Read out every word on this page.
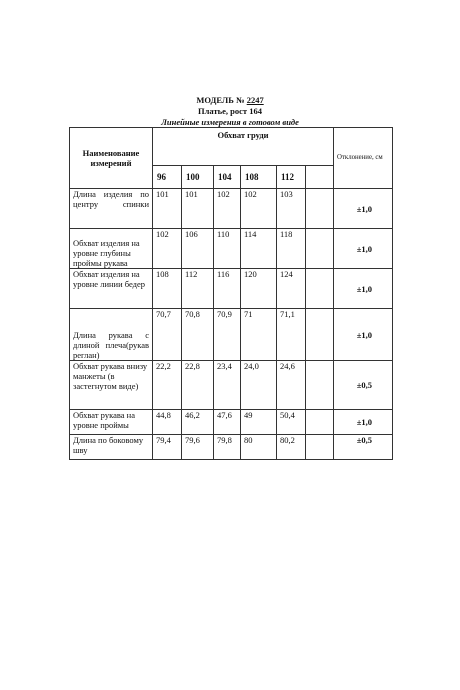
МОДЕЛЬ № 2247
Платье, рост 164
Линейные измерения в готовом виде
Наименование измерений	Обхват груди						Отклонение, см
	96	100	104	108	112		
Длина изделия по центру спинки	101	101	102	102	103		±1,0
Обхват изделия на уровне глубины проймы рукава	102	106	110	114	118		±1,0
Обхват изделия на уровне линии бедер	108	112	116	120	124		±1,0
Длина рукава с длиной плеча(рукав реглан)	70,7	70,8	70,9	71	71,1		±1,0
Обхват рукава внизу манжеты (в застегнутом виде)	22,2	22,8	23,4	24,0	24,6		±0,5
Обхват рукава на уровне проймы	44,8	46,2	47,6	49	50,4		±1,0
Длина по боковому шву	79,4	79,6	79,8	80	80,2		±0,5
